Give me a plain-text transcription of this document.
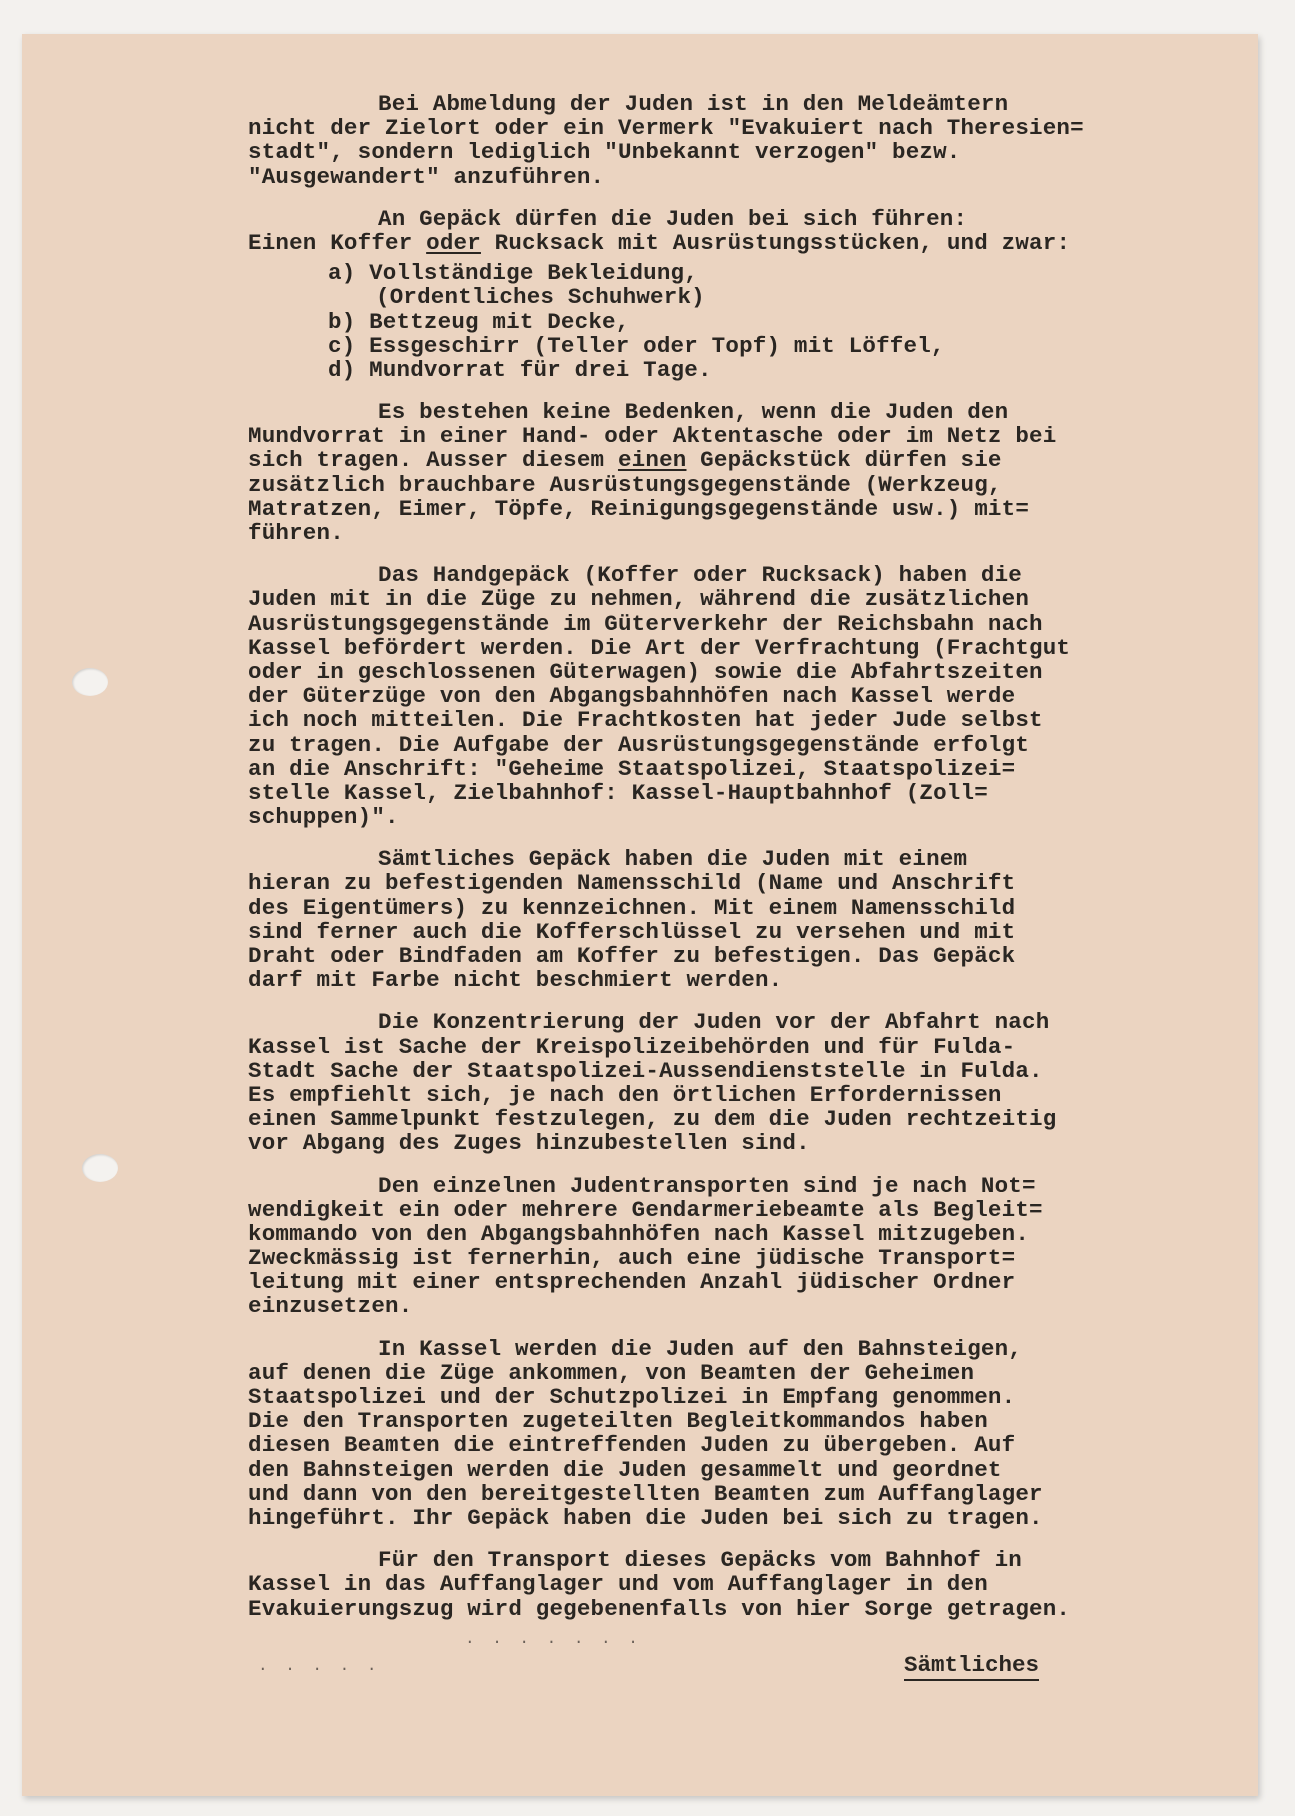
Bei Abmeldung der Juden ist in den Meldeämtern
nicht der Zielort oder ein Vermerk "Evakuiert nach Theresien=
stadt", sondern lediglich "Unbekannt verzogen" bezw.
"Ausgewandert" anzuführen.
An Gepäck dürfen die Juden bei sich führen:
Einen Koffer oder Rucksack mit Ausrüstungsstücken, und zwar:
a) Vollständige Bekleidung,
(Ordentliches Schuhwerk)
b) Bettzeug mit Decke,
c) Essgeschirr (Teller oder Topf) mit Löffel,
d) Mundvorrat für drei Tage.
Es bestehen keine Bedenken, wenn die Juden den
Mundvorrat in einer Hand- oder Aktentasche oder im Netz bei
sich tragen. Ausser diesem einen Gepäckstück dürfen sie
zusätzlich brauchbare Ausrüstungsgegenstände (Werkzeug,
Matratzen, Eimer, Töpfe, Reinigungsgegenstände usw.) mit=
führen.
Das Handgepäck (Koffer oder Rucksack) haben die
Juden mit in die Züge zu nehmen, während die zusätzlichen
Ausrüstungsgegenstände im Güterverkehr der Reichsbahn nach
Kassel befördert werden. Die Art der Verfrachtung (Frachtgut
oder in geschlossenen Güterwagen) sowie die Abfahrtszeiten
der Güterzüge von den Abgangsbahnhöfen nach Kassel werde
ich noch mitteilen. Die Frachtkosten hat jeder Jude selbst
zu tragen. Die Aufgabe der Ausrüstungsgegenstände erfolgt
an die Anschrift: "Geheime Staatspolizei, Staatspolizei=
stelle Kassel, Zielbahnhof: Kassel-Hauptbahnhof (Zoll=
schuppen)".
Sämtliches Gepäck haben die Juden mit einem
hieran zu befestigenden Namensschild (Name und Anschrift
des Eigentümers) zu kennzeichnen. Mit einem Namensschild
sind ferner auch die Kofferschlüssel zu versehen und mit
Draht oder Bindfaden am Koffer zu befestigen. Das Gepäck
darf mit Farbe nicht beschmiert werden.
Die Konzentrierung der Juden vor der Abfahrt nach
Kassel ist Sache der Kreispolizeibehörden und für Fulda-
Stadt Sache der Staatspolizei-Aussendienststelle in Fulda.
Es empfiehlt sich, je nach den örtlichen Erfordernissen
einen Sammelpunkt festzulegen, zu dem die Juden rechtzeitig
vor Abgang des Zuges hinzubestellen sind.
Den einzelnen Judentransporten sind je nach Not=
wendigkeit ein oder mehrere Gendarmeriebeamte als Begleit=
kommando von den Abgangsbahnhöfen nach Kassel mitzugeben.
Zweckmässig ist fernerhin, auch eine jüdische Transport=
leitung mit einer entsprechenden Anzahl jüdischer Ordner
einzusetzen.
In Kassel werden die Juden auf den Bahnsteigen,
auf denen die Züge ankommen, von Beamten der Geheimen
Staatspolizei und der Schutzpolizei in Empfang genommen.
Die den Transporten zugeteilten Begleitkommandos haben
diesen Beamten die eintreffenden Juden zu übergeben. Auf
den Bahnsteigen werden die Juden gesammelt und geordnet
und dann von den bereitgestellten Beamten zum Auffanglager
hingeführt. Ihr Gepäck haben die Juden bei sich zu tragen.
Für den Transport dieses Gepäcks vom Bahnhof in
Kassel in das Auffanglager und vom Auffanglager in den
Evakuierungszug wird gegebenenfalls von hier Sorge getragen.
. . . . .
· · · · · · ·
Sämtliches
